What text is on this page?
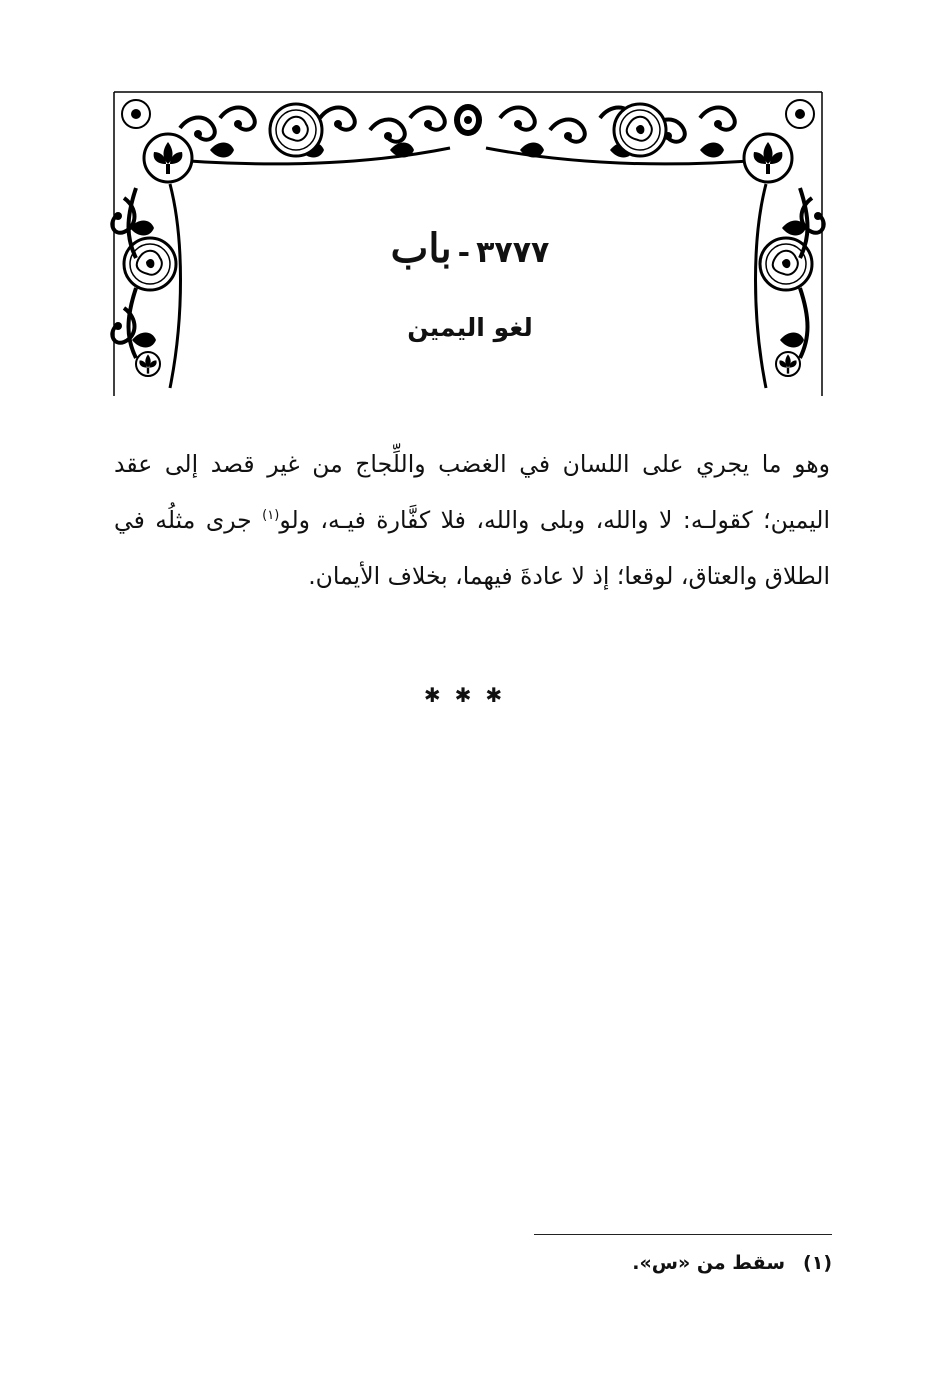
٣٧٧٧-باب
لغو اليمين
وهو ما يجري على اللسان في الغضب واللِّجاج من غير قصد إلى عقد اليمين؛ كقولـه: لا والله، وبلى والله، فلا كفَّارة فيـه، ولو$^{(١)}$ جرى مثلُه في الطلاق والعتاق، لوقعا؛ إذ لا عادةَ فيهما، بخلاف الأيمان.
✱✱✱
(١)سقط من «س».
